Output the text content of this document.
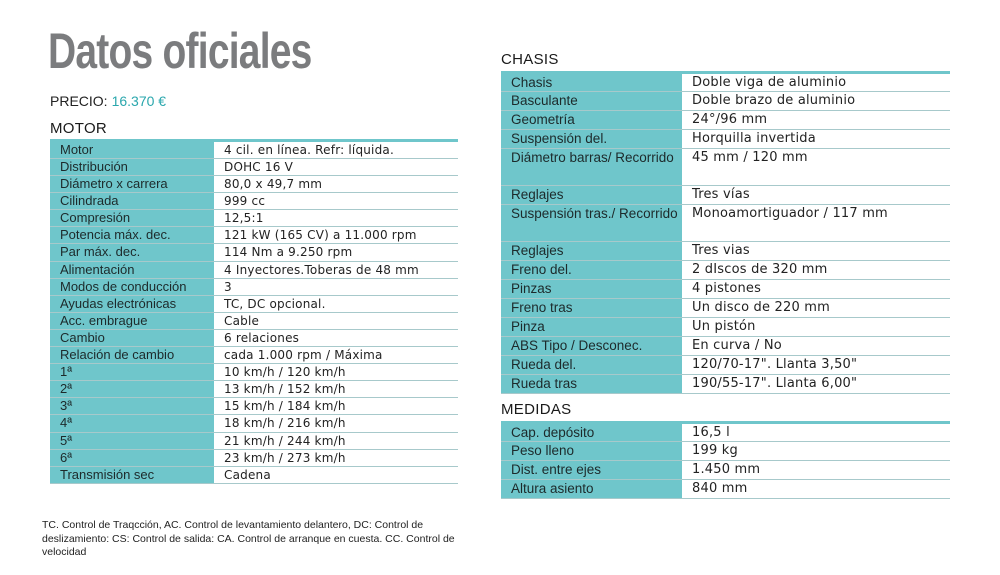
Datos oficiales
PRECIO: 16.370 €
MOTOR
Motor	4 cil. en línea. Refr: líquida.
Distribución	DOHC 16 V
Diámetro x carrera	80,0 x 49,7 mm
Cilindrada	999 cc
Compresión	12,5:1
Potencia máx. dec.	121 kW (165 CV) a 11.000 rpm
Par máx. dec.	114 Nm a 9.250 rpm
Alimentación	4 Inyectores.Toberas de 48 mm
Modos de conducción	3
Ayudas electrónicas	TC, DC opcional.
Acc. embrague	Cable
Cambio	6 relaciones
Relación de cambio	cada 1.000 rpm / Máxima
1ª	10 km/h / 120 km/h
2ª	13 km/h / 152 km/h
3ª	15 km/h / 184 km/h
4ª	18 km/h / 216 km/h
5ª	21 km/h / 244 km/h
6ª	23 km/h / 273 km/h
Transmisión sec	Cadena
CHASIS
Chasis	Doble viga de aluminio
Basculante	Doble brazo de aluminio
Geometría	24°/96 mm
Suspensión del.	Horquilla invertida
Diámetro barras/ Recorrido	45 mm / 120 mm
Reglajes	Tres vías
Suspensión tras./ Recorrido	Monoamortiguador / 117 mm
Reglajes	Tres vias
Freno del.	2 dIscos de 320 mm
Pinzas	4 pistones
Freno tras	Un disco de 220 mm
Pinza	Un pistón
ABS Tipo / Desconec.	En curva / No
Rueda del.	120/70-17". Llanta 3,50"
Rueda tras	190/55-17". Llanta 6,00"
MEDIDAS
Cap. depósito	16,5 l
Peso lleno	199 kg
Dist. entre ejes	1.450 mm
Altura asiento	840 mm
TC. Control de Traqcción, AC. Control de levantamiento delantero, DC: Control de deslizamiento: CS: Control de salida: CA. Control de arranque en cuesta. CC. Control de velocidad
